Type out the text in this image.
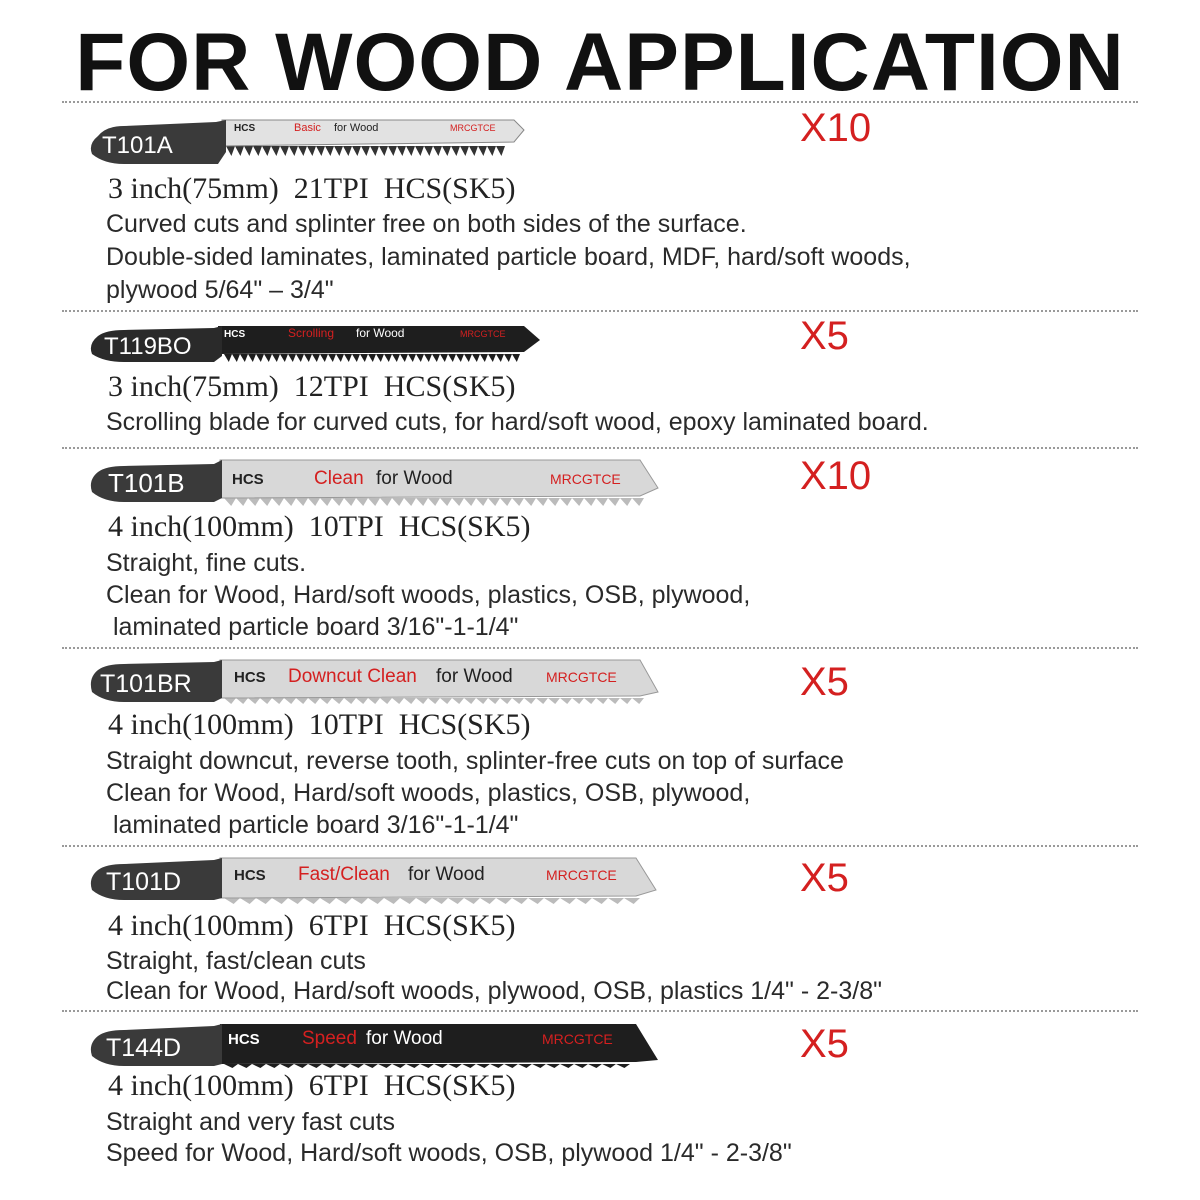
FOR WOOD APPLICATION
T101A
HCS	Basic for Wood	MRCGTCE	X10
3 inch(75mm)  21TPI  HCS(SK5)
Curved cuts and splinter free on both sides of the surface.
Double-sided laminates, laminated particle board, MDF, hard/soft woods,
plywood 5/64" – 3/4"
T119BO	HCS	Scrolling for Wood	MRCGTCE	X5
3 inch(75mm)  12TPI  HCS(SK5)
Scrolling blade for curved cuts, for hard/soft wood, epoxy laminated board.
T101B	HCS	Clean for Wood	MRCGTCE	X10
4 inch(100mm)  10TPI  HCS(SK5)
Straight, fine cuts.
Clean for Wood, Hard/soft woods, plastics, OSB, plywood,
laminated particle board 3/16"-1-1/4"
T101BR	HCS Downcut Clean for Wood MRCGTCE	X5
4 inch(100mm)  10TPI  HCS(SK5)
Straight downcut, reverse tooth, splinter-free cuts on top of surface
Clean for Wood, Hard/soft woods, plastics, OSB, plywood,
laminated particle board 3/16"-1-1/4"
T101D	HCS Fast/Clean for Wood	MRCGTCE	X5
4 inch(100mm)  6TPI  HCS(SK5)
Straight, fast/clean cuts
Clean for Wood, Hard/soft woods, plywood, OSB, plastics 1/4" - 2-3/8"
T144D	HCS Speed for Wood	MRCGTCE	X5
4 inch(100mm)  6TPI  HCS(SK5)
Straight and very fast cuts
Speed for Wood, Hard/soft woods, OSB, plywood 1/4" - 2-3/8"
